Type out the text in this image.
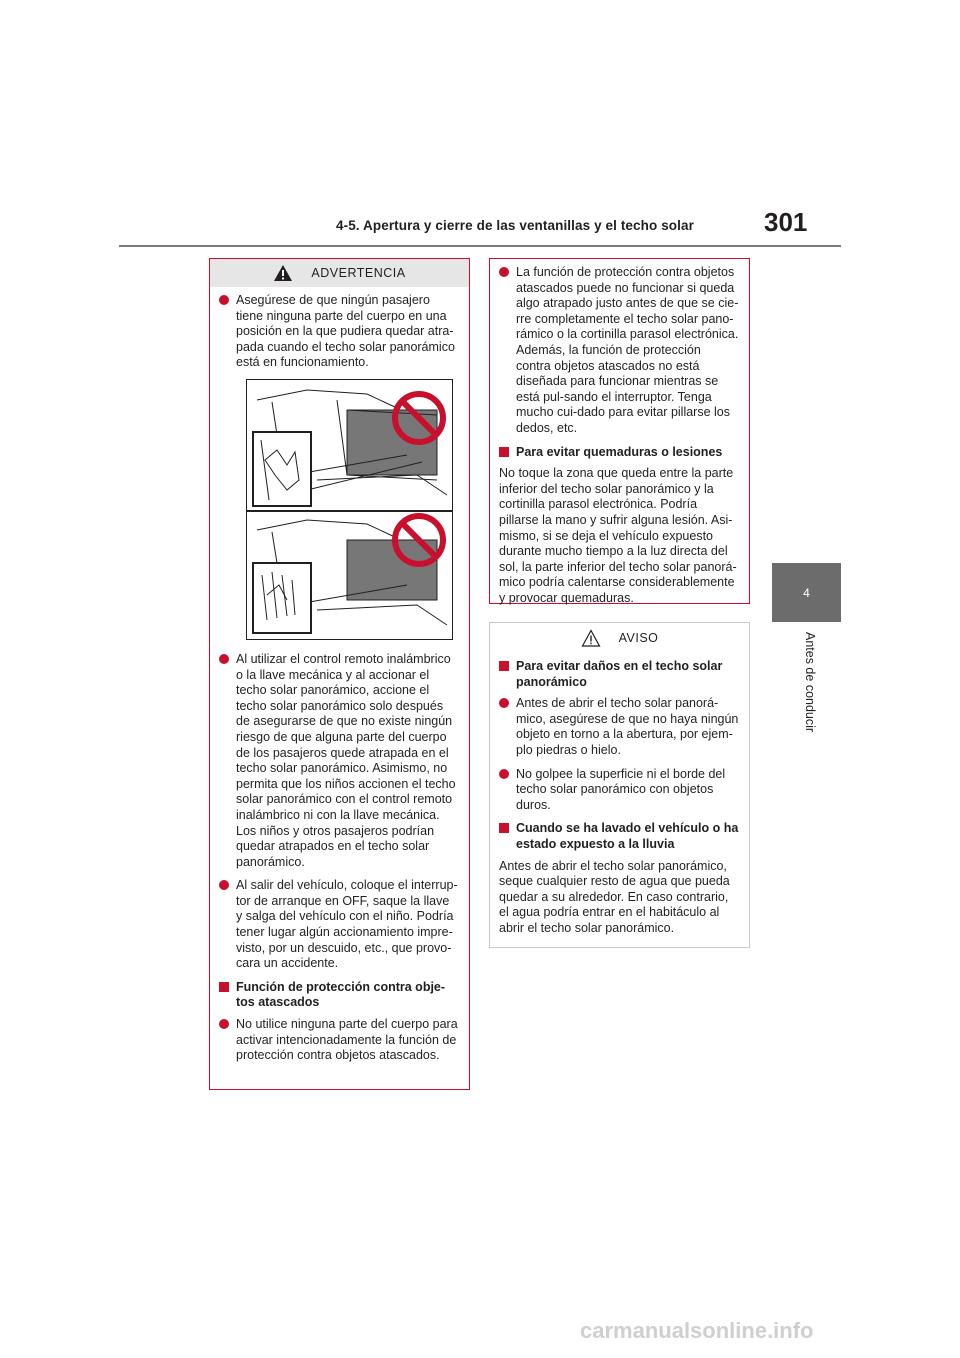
4-5. Apertura y cierre de las ventanillas y el techo solar	301
4
Antes de conducir
ADVERTENCIA
Asegúrese de que ningún pasajero tiene ninguna parte del cuerpo en una posición en la que pudiera quedar atra-pada cuando el techo solar panorámico está en funcionamiento.
Al utilizar el control remoto inalámbrico o la llave mecánica y al accionar el techo solar panorámico, accione el techo solar panorámico solo después de asegurarse de que no existe ningún riesgo de que alguna parte del cuerpo de los pasajeros quede atrapada en el techo solar panorámico. Asimismo, no permita que los niños accionen el techo solar panorámico con el control remoto inalámbrico ni con la llave mecánica. Los niños y otros pasajeros podrían quedar atrapados en el techo solar panorámico.
Al salir del vehículo, coloque el interrup-tor de arranque en OFF, saque la llave y salga del vehículo con el niño. Podría tener lugar algún accionamiento impre-visto, por un descuido, etc., que provo-cara un accidente.
Función de protección contra obje-tos atascados
No utilice ninguna parte del cuerpo para activar intencionadamente la función de protección contra objetos atascados.
La función de protección contra objetos atascados puede no funcionar si queda algo atrapado justo antes de que se cie-rre completamente el techo solar pano-rámico o la cortinilla parasol electrónica. Además, la función de protección contra objetos atascados no está diseñada para funcionar mientras se está pul-sando el interruptor. Tenga mucho cui-dado para evitar pillarse los dedos, etc.
Para evitar quemaduras o lesiones
No toque la zona que queda entre la parte inferior del techo solar panorámico y la cortinilla parasol electrónica. Podría pillarse la mano y sufrir alguna lesión. Asi-mismo, si se deja el vehículo expuesto durante mucho tiempo a la luz directa del sol, la parte inferior del techo solar panorá-mico podría calentarse considerablemente y provocar quemaduras.
AVISO
Para evitar daños en el techo solar panorámico
Antes de abrir el techo solar panorá-mico, asegúrese de que no haya ningún objeto en torno a la abertura, por ejem-plo piedras o hielo.
No golpee la superficie ni el borde del techo solar panorámico con objetos duros.
Cuando se ha lavado el vehículo o ha estado expuesto a la lluvia
Antes de abrir el techo solar panorámico, seque cualquier resto de agua que pueda quedar a su alrededor. En caso contrario, el agua podría entrar en el habitáculo al abrir el techo solar panorámico.
carmanualsonline.info
